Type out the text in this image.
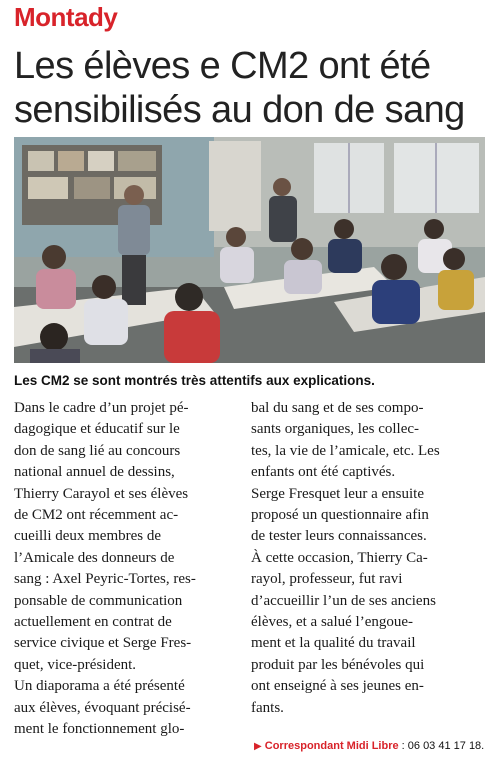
Montady
Les élèves e CM2 ont été
sensibilisés au don de sang
Les CM2 se sont montrés très attentifs aux explications.
Dans le cadre d’un projet pé-
dagogique et éducatif sur le
don de sang lié au concours
national annuel de dessins,
Thierry Carayol et ses élèves
de CM2 ont récemment ac-
cueilli deux membres de
l’Amicale des donneurs de
sang : Axel Peyric-Tortes, res-
ponsable de communication
actuellement en contrat de
service civique et Serge Fres-
quet, vice-président.
Un diaporama a été présenté
aux élèves, évoquant précisé-
ment le fonctionnement glo-
bal du sang et de ses compo-
sants organiques, les collec-
tes, la vie de l’amicale, etc. Les
enfants ont été captivés.
Serge Fresquet leur a ensuite
proposé un questionnaire afin
de tester leurs connaissances.
À cette occasion, Thierry Ca-
rayol, professeur, fut ravi
d’accueillir l’un de ses anciens
élèves, et a salué l’engoue-
ment et la qualité du travail
produit par les bénévoles qui
ont enseigné à ses jeunes en-
fants.
▶ Correspondant Midi Libre : 06 03 41 17 18.
